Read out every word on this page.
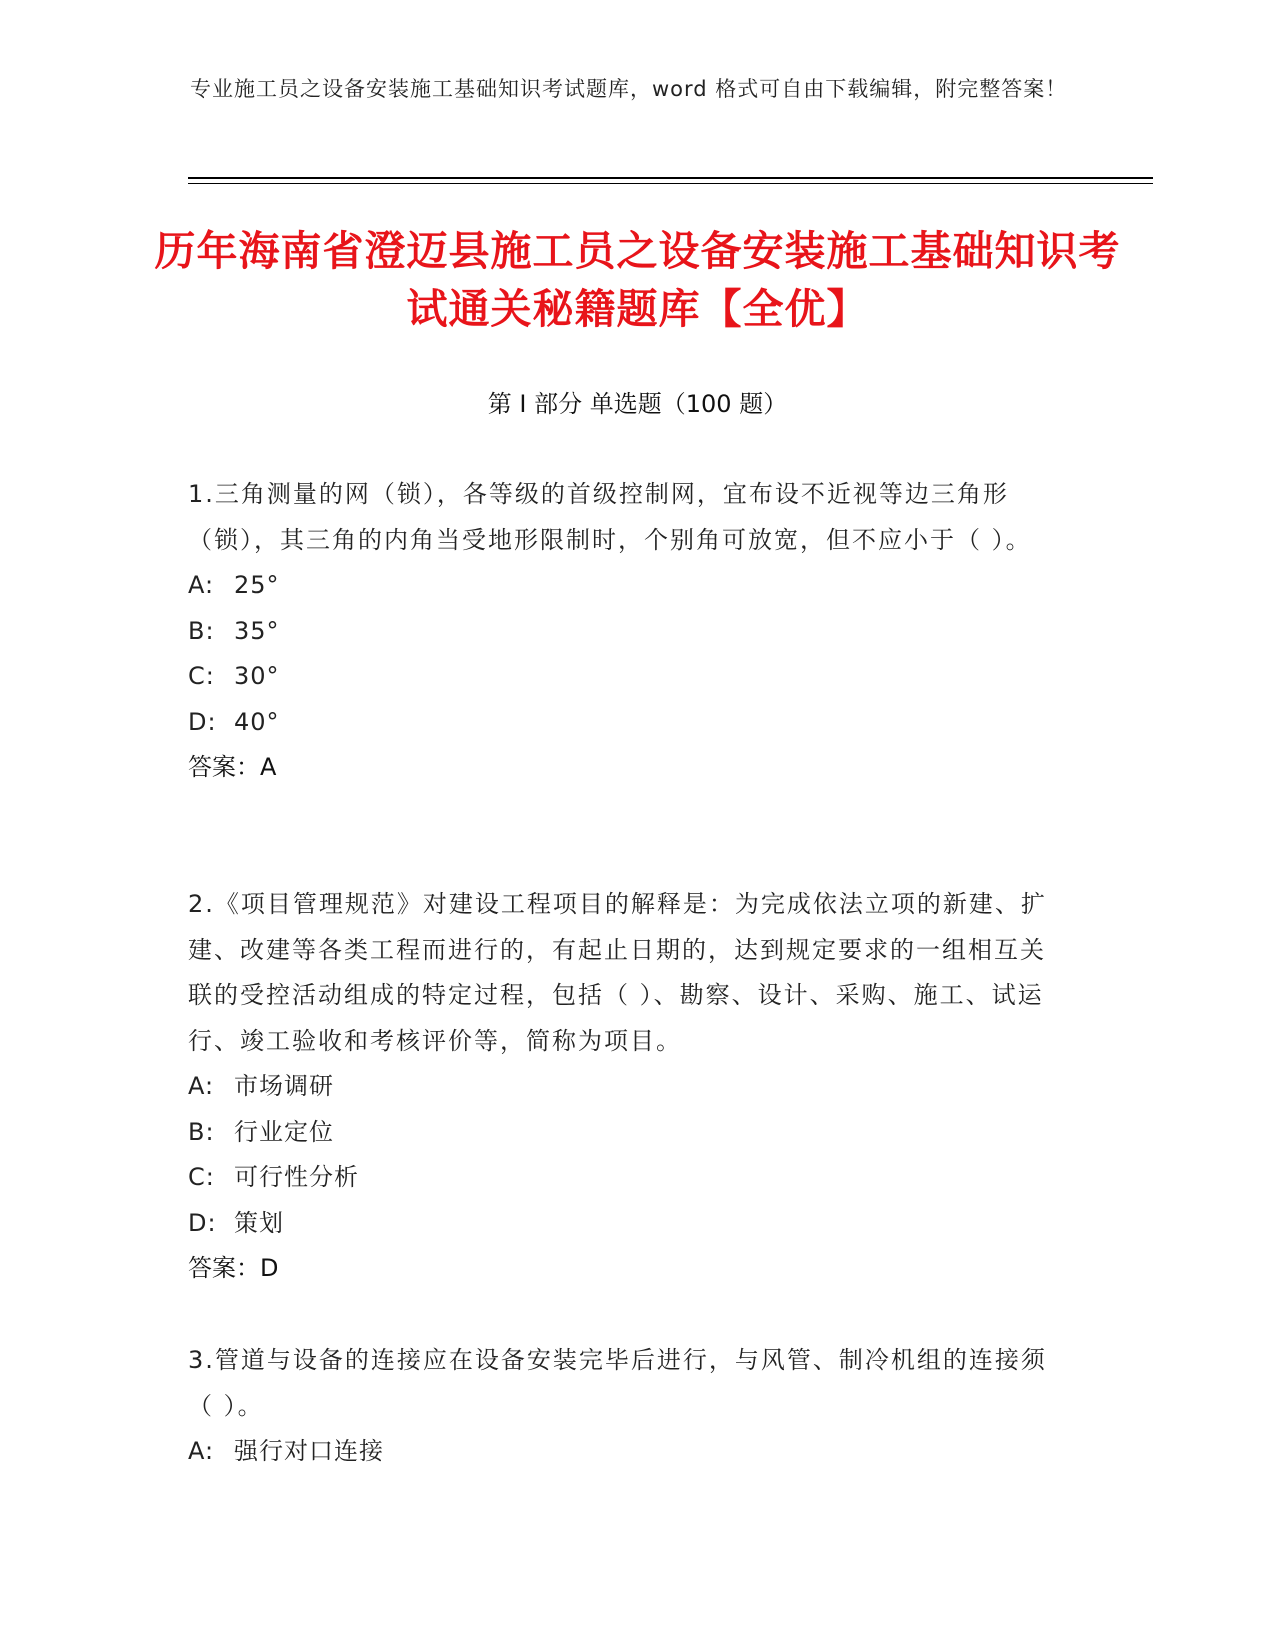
专业施工员之设备安装施工基础知识考试题库，word 格式可自由下载编辑，附完整答案！
历年海南省澄迈县施工员之设备安装施工基础知识考试通关秘籍题库【全优】
第 I 部分 单选题（100 题）

1.三角测量的网（锁），各等级的首级控制网，宜布设不近视等边三角形（锁），其三角的内角当受地形限制时，个别角可放宽，但不应小于（ ）。

A: 25°

B: 35°

C: 30°

D: 40°

答案：A

2.《项目管理规范》对建设工程项目的解释是：为完成依法立项的新建、扩建、改建等各类工程而进行的，有起止日期的，达到规定要求的一组相互关联的受控活动组成的特定过程，包括（ ）、勘察、设计、采购、施工、试运行、竣工验收和考核评价等，简称为项目。

A: 市场调研

B: 行业定位

C: 可行性分析

D: 策划

答案：D

3.管道与设备的连接应在设备安装完毕后进行，与风管、制冷机组的连接须（ ）。

A: 强行对口连接
